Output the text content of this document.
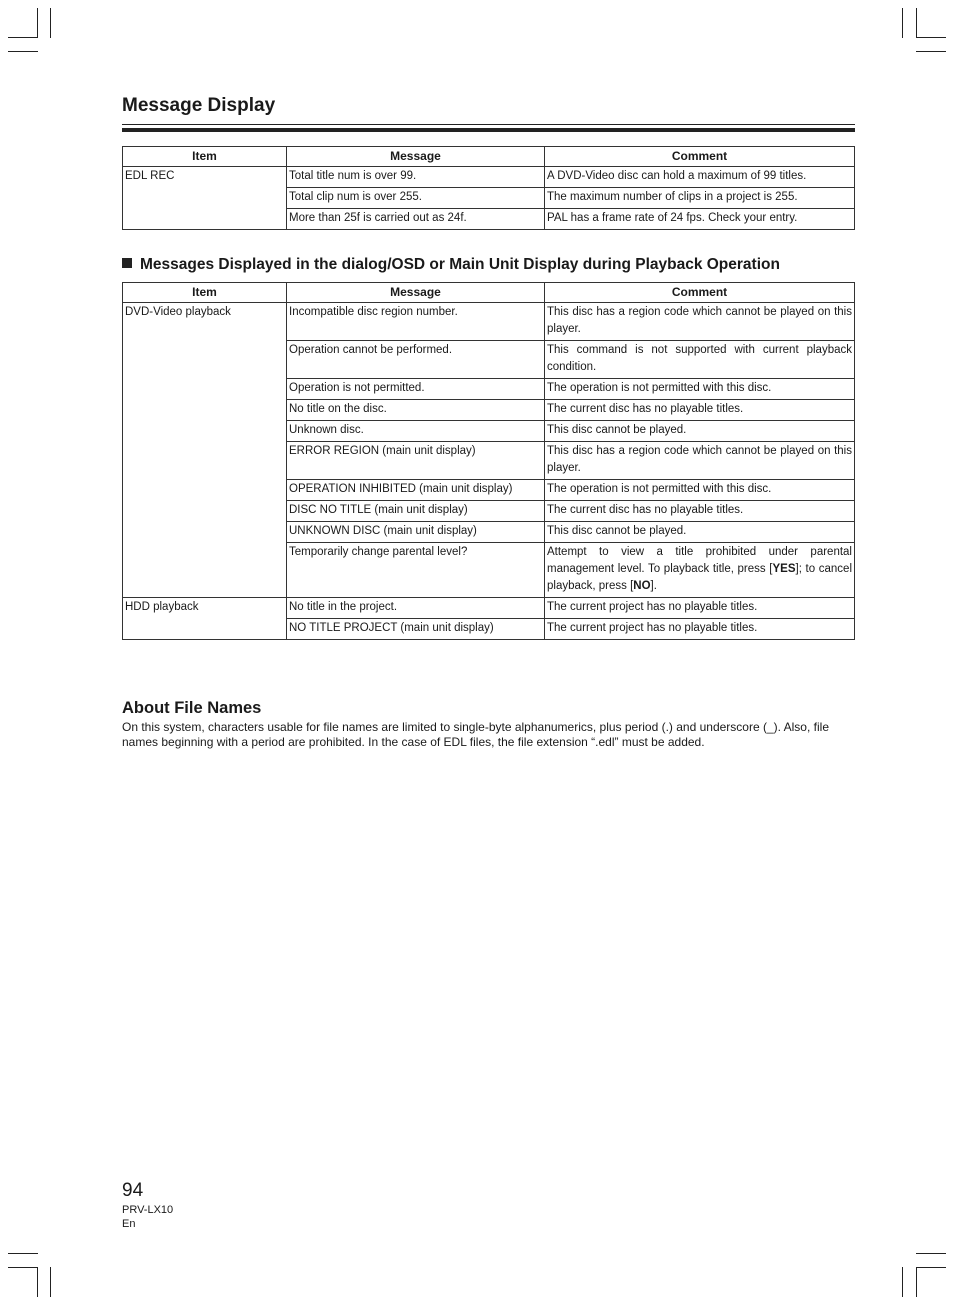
Message Display
Item	Message	Comment
EDL REC	Total title num is over 99.	A DVD-Video disc can hold a maximum of 99 titles.
	Total clip num is over 255.	The maximum number of clips in a project is 255.
	More than 25f is carried out as 24f.	PAL has a frame rate of 24 fps. Check your entry.
Messages Displayed in the dialog/OSD or Main Unit Display during Playback Operation
Item	Message	Comment
DVD-Video playback	Incompatible disc region number.	This disc has a region code which cannot be played on this player.
	Operation cannot be performed.	This command is not supported with current playback condition.
	Operation is not permitted.	The operation is not permitted with this disc.
	No title on the disc.	The current disc has no playable titles.
	Unknown disc.	This disc cannot be played.
	ERROR REGION (main unit display)	This disc has a region code which cannot be played on this player.
	OPERATION INHIBITED (main unit display)	The operation is not permitted with this disc.
	DISC NO TITLE (main unit display)	The current disc has no playable titles.
	UNKNOWN DISC (main unit display)	This disc cannot be played.
	Temporarily change parental level?	Attempt to view a title prohibited under parental management level. To playback title, press [YES]; to cancel playback, press [NO].
HDD playback	No title in the project.	The current project has no playable titles.
	NO TITLE PROJECT (main unit display)	The current project has no playable titles.
About File Names

On this system, characters usable for file names are limited to single-byte alphanumerics, plus period (.) and underscore (_). Also, file names beginning with a period are prohibited. In the case of EDL files, the file extension “.edl” must be added.

94
PRV-LX10
En
